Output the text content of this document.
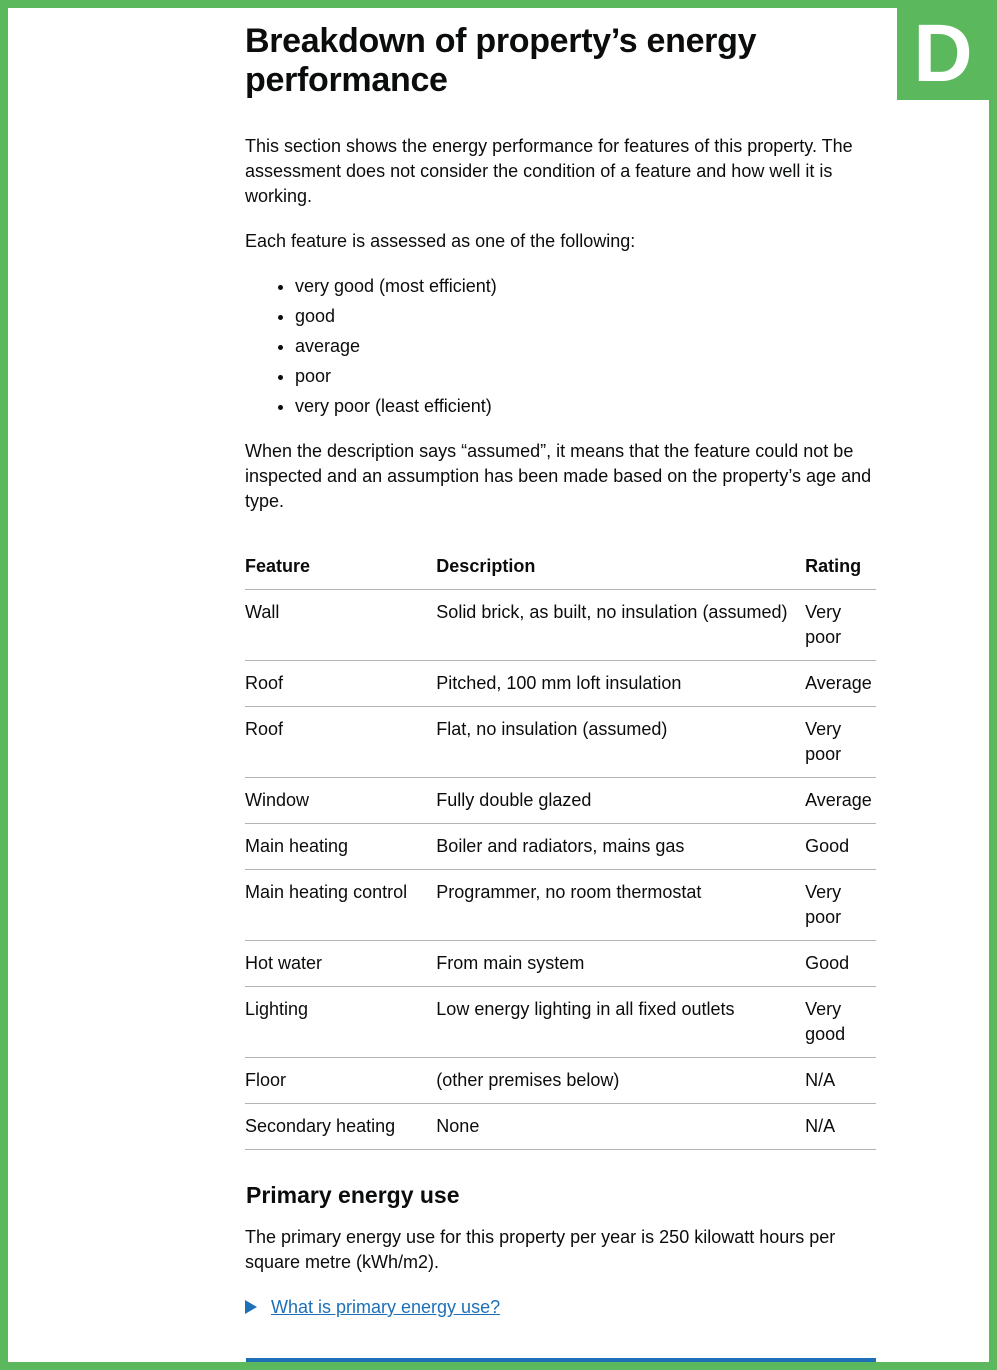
D
Breakdown of property’s energy performance

This section shows the energy performance for features of this property. The assessment does not consider the condition of a feature and how well it is working.

Each feature is assessed as one of the following:

• very good (most efficient)
• good
• average
• poor
• very poor (least efficient)

When the description says “assumed”, it means that the feature could not be inspected and an assumption has been made based on the property’s age and type.

Feature	Description	Rating
Wall	Solid brick, as built, no insulation (assumed)	Very poor
Roof	Pitched, 100 mm loft insulation	Average
Roof	Flat, no insulation (assumed)	Very poor
Window	Fully double glazed	Average
Main heating	Boiler and radiators, mains gas	Good
Main heating control	Programmer, no room thermostat	Very poor
Hot water	From main system	Good
Lighting	Low energy lighting in all fixed outlets	Very good
Floor	(other premises below)	N/A
Secondary heating	None	N/A
Primary energy use

The primary energy use for this property per year is 250 kilowatt hours per square metre (kWh/m2).

What is primary energy use?
